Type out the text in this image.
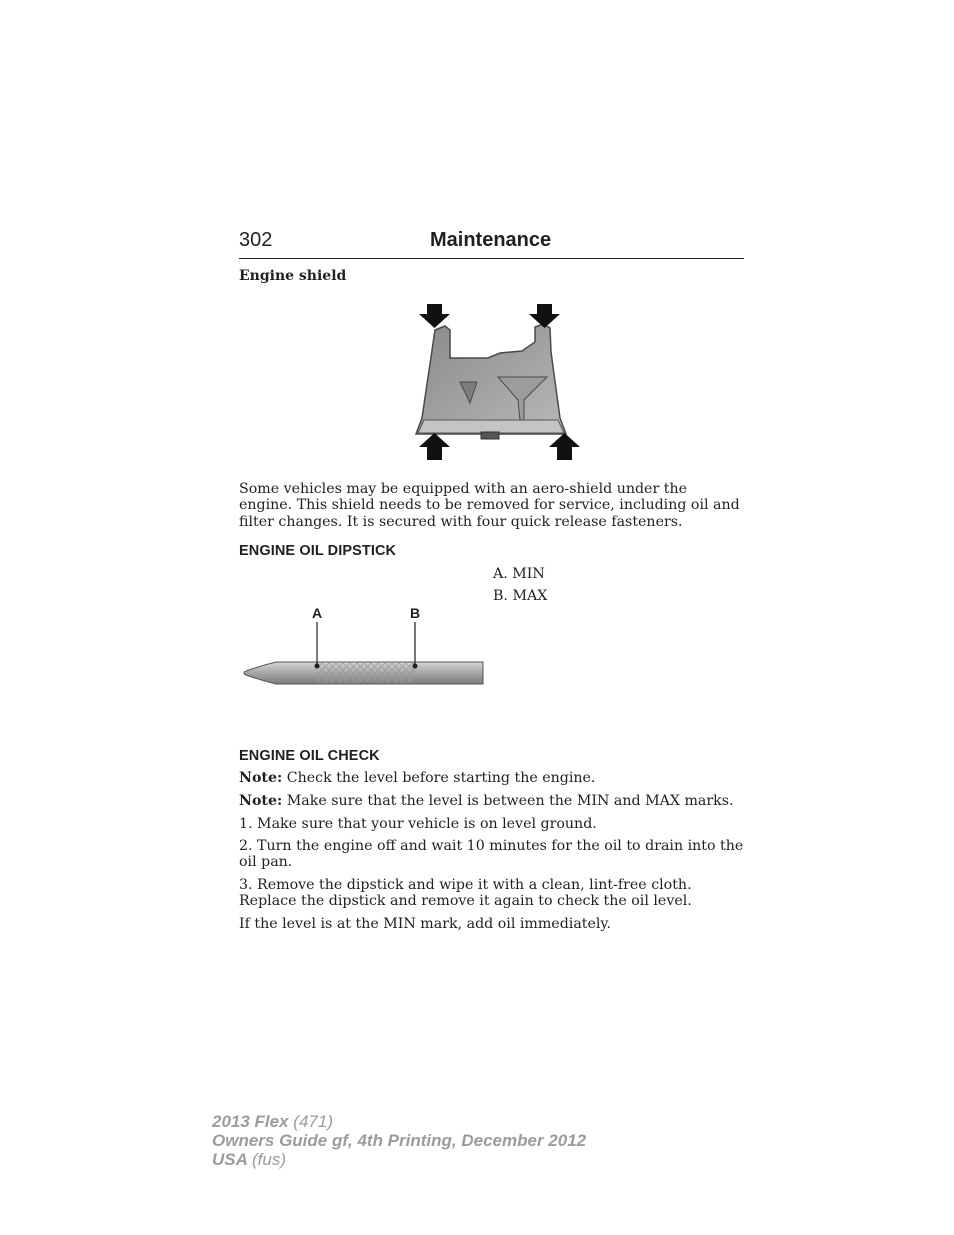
302	Maintenance
Engine shield
Some vehicles may be equipped with an aero-shield under the engine. This shield needs to be removed for service, including oil and filter changes. It is secured with four quick release fasteners.
ENGINE OIL DIPSTICK
A. MIN
B. MAX
A	B
ENGINE OIL CHECK
Note: Check the level before starting the engine.
Note: Make sure that the level is between the MIN and MAX marks.
1. Make sure that your vehicle is on level ground.
2. Turn the engine off and wait 10 minutes for the oil to drain into the oil pan.
3. Remove the dipstick and wipe it with a clean, lint-free cloth. Replace the dipstick and remove it again to check the oil level.
If the level is at the MIN mark, add oil immediately.
2013 Flex (471)
Owners Guide gf, 4th Printing, December 2012
USA (fus)
